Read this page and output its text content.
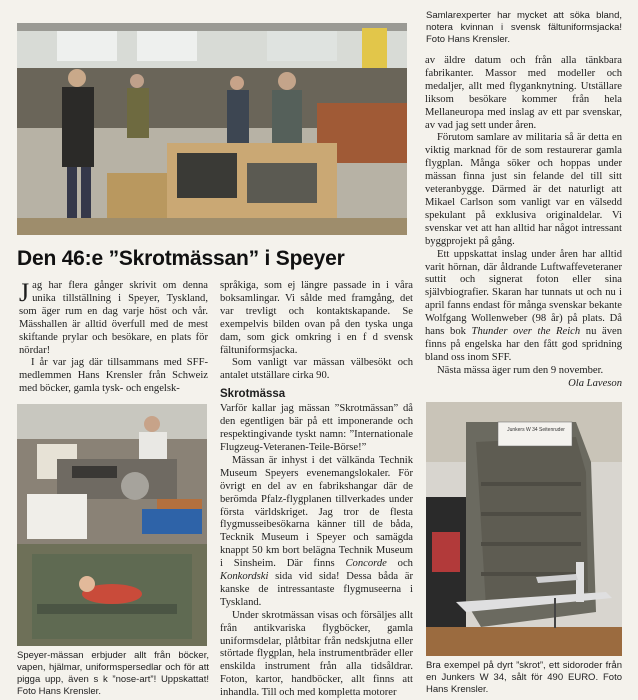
Samlarexperter har mycket att söka bland, notera kvinnan i svensk fältuniformsjacka! Foto Hans Krensler.

av äldre datum och från alla tänkbara fabrikanter. Massor med modeller och medaljer, allt med flyganknytning. Utställare liksom besökare kommer från hela Mellaneuropa med inslag av ett par svenskar, av vad jag sett under åren.

Förutom samlare av militaria så är detta en viktig marknad för de som restaurerar gamla flygplan. Många söker och hoppas under mässan finna just sin felande del till sitt veteranbygge. Därmed är det naturligt att Mikael Carlson som vanligt var en välsedd spekulant på exklusiva originaldelar. Vi svenskar vet att han alltid har något intressant byggprojekt på gång.

Ett uppskattat inslag under åren har alltid varit hörnan, där åldrande Luftwaffeveteraner suttit och signerat foton eller sina självbiografier. Skaran har tunnats ut och nu i april fanns endast för många svenskar bekante Wolfgang Wollenweber (98 år) på plats. Då hans bok Thunder over the Reich nu även finns på engelska har den fått god spridning bland oss inom SFF.

Nästa mässa äger rum den 9 november.

Ola Laveson
Den 46:e ”Skrotmässan” i Speyer

Jag har flera gånger skrivit om denna unika tillställning i Speyer, Tyskland, som äger rum en dag varje höst och vår. Mässhallen är alltid överfull med de mest skiftande prylar och besökare, en plats för nördar!

I år var jag där tillsammans med SFF-medlemmen Hans Krensler från Schweiz med böcker, gamla tysk- och engelsk-

språkiga, som ej längre passade in i våra boksamlingar. Vi sålde med framgång, det var trevligt och kontaktskapande. Se exempelvis bilden ovan på den tyska unga dam, som gick omkring i en f d svensk fältuniformsjacka.

Som vanligt var mässan välbesökt och antalet utställare cirka 90.

Skrotmässa

Varför kallar jag mässan ”Skrotmässan” då den egentligen bär på ett imponerande och respektingivande tyskt namn: ”Internationale Flugzeug-Veteranen-Teile-Börse!”

Mässan är inhyst i det välkända Technik Museum Speyers evenemangslokaler. För övrigt en del av en fabrikshangar där de berömda Pfalz-flygplanen tillverkades under första världskriget. Jag tror de flesta flygmusseibesökarna känner till de båda, Tecknik Museum i Speyer och samägda knappt 50 km bort belägna Technik Museum i Sinsheim. Där finns Concorde och Konkordski sida vid sida! Dessa båda är kanske de intressantaste flygmuseerna i Tyskland.

Under skrotmässan visas och försäljes allt från antikvariska flygböcker, gamla uniformsdelar, plåtbitar från nedskjutna eller störtade flygplan, hela instrumentbräder eller enskilda instrument från alla tidsåldrar. Foton, kartor, handböcker, allt finns att inhandla. Till och med kompletta motorer

Speyer-mässan erbjuder allt från böcker, vapen, hjälmar, uniformspersedlar och för att pigga upp, även s k ”nose-art”! Uppskattat! Foto Hans Krensler.
Junkers W 34 Seitenruder
Bra exempel på dyrt ”skrot”, ett sidoroder från en Junkers W 34, sålt för 490 EURO. Foto Hans Krensler.
